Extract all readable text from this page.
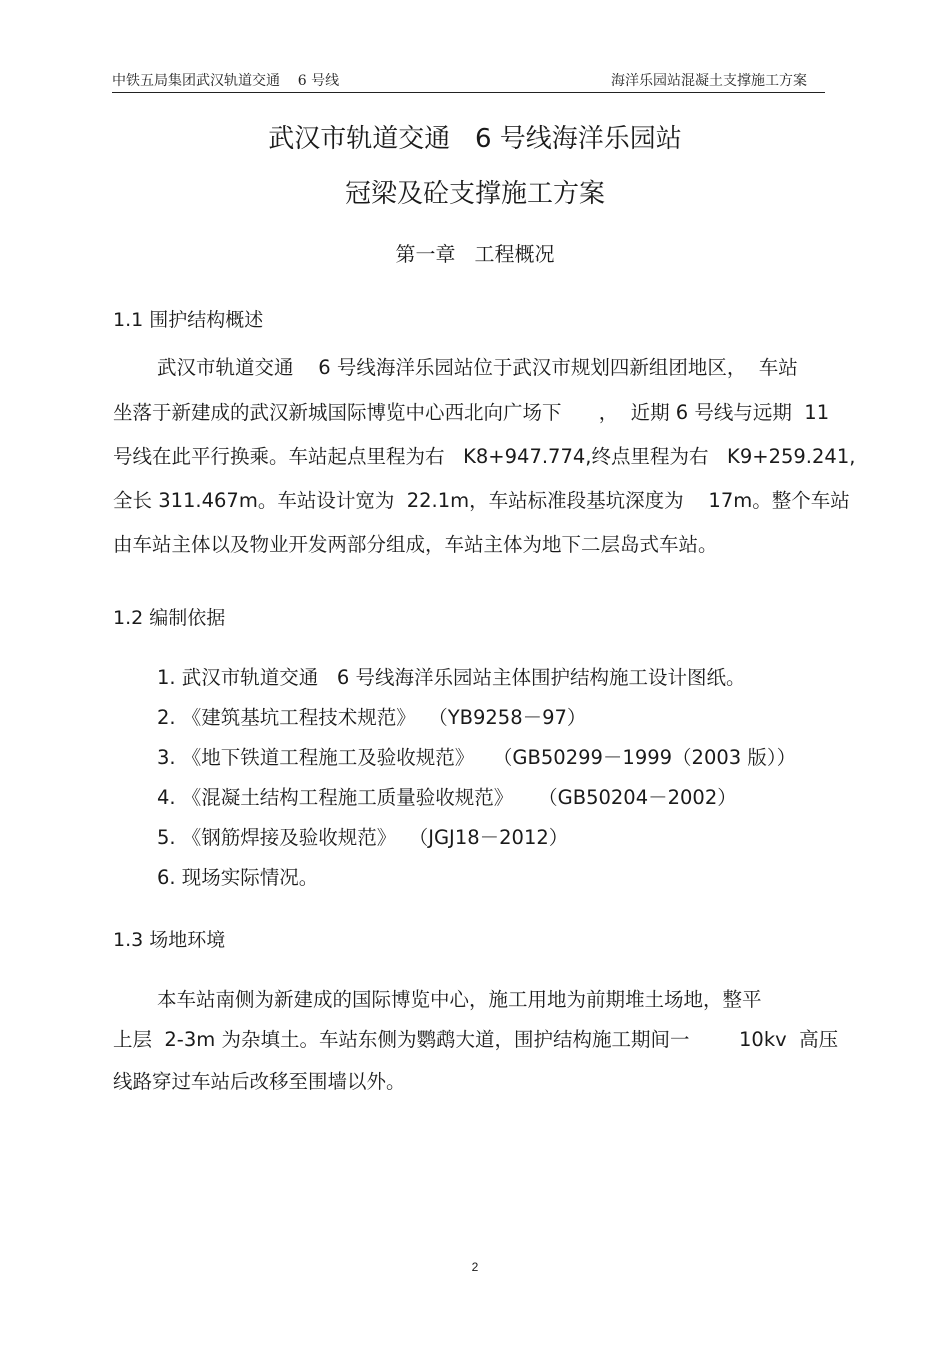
中铁五局集团武汉轨道交通    6 号线	海洋乐园站混凝土支撑施工方案
武汉市轨道交通   6 号线海洋乐园站
冠梁及砼支撑施工方案
第一章   工程概况
1.1 围护结构概述

武汉市轨道交通    6 号线海洋乐园站位于武汉市规划四新组团地区，  车站

坐落于新建成的武汉新城国际博览中心西北向广场下      ，  近期 6 号线与远期  11

号线在此平行换乘。车站起点里程为右   K8+947.774,终点里程为右   K9+259.241,

全长 311.467m。车站设计宽为  22.1m，车站标准段基坑深度为    17m。整个车站

由车站主体以及物业开发两部分组成，车站主体为地下二层岛式车站。

1.2 编制依据

1. 武汉市轨道交通   6 号线海洋乐园站主体围护结构施工设计图纸。

2. 《建筑基坑工程技术规范》  （YB9258－97）

3. 《地下铁道工程施工及验收规范》   （GB50299－1999（2003 版））

4. 《混凝土结构工程施工质量验收规范》    （GB50204－2002）

5. 《钢筋焊接及验收规范》  （JGJ18－2012）

6. 现场实际情况。

1.3 场地环境

本车站南侧为新建成的国际博览中心，施工用地为前期堆土场地，整平

上层  2-3m 为杂填土。车站东侧为鹦鹉大道，围护结构施工期间一        10kv  高压

线路穿过车站后改移至围墙以外。

2
